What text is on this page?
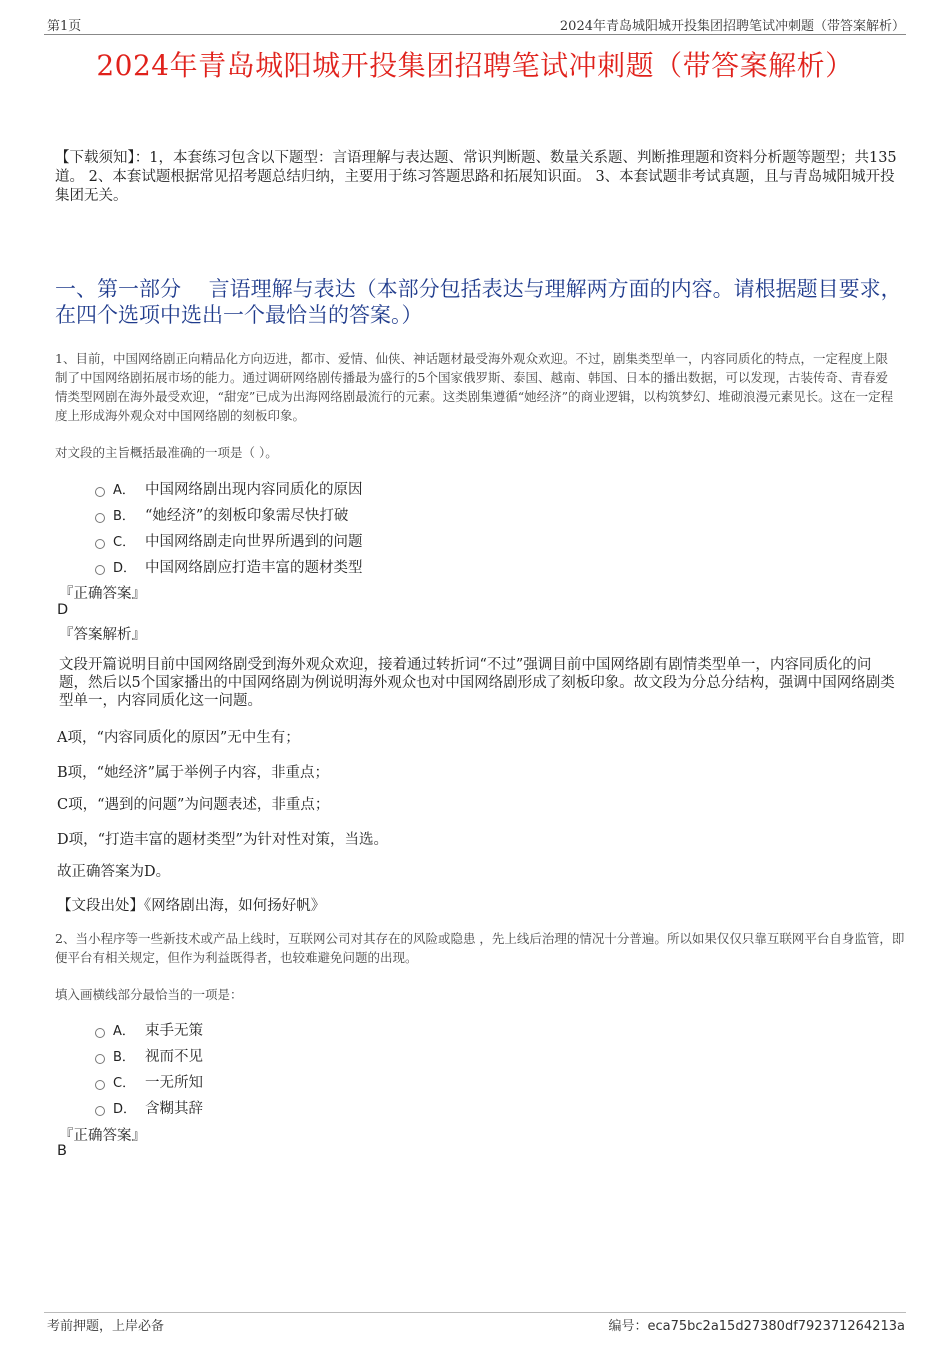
第1页	2024年青岛城阳城开投集团招聘笔试冲刺题（带答案解析）
2024年青岛城阳城开投集团招聘笔试冲刺题（带答案解析）
【下载须知】：1，本套练习包含以下题型：言语理解与表达题、常识判断题、数量关系题、判断推理题和资料分析题等题型；共135道。 2、本套试题根据常见招考题总结归纳，主要用于练习答题思路和拓展知识面。 3、本套试题非考试真题，且与青岛城阳城开投集团无关。
一、第一部分　 言语理解与表达（本部分包括表达与理解两方面的内容。请根据题目要求，在四个选项中选出一个最恰当的答案。）
1、目前，中国网络剧正向精品化方向迈进，都市、爱情、仙侠、神话题材最受海外观众欢迎。不过，剧集类型单一，内容同质化的特点，一定程度上限制了中国网络剧拓展市场的能力。通过调研网络剧传播最为盛行的5个国家俄罗斯、泰国、越南、韩国、日本的播出数据，可以发现，古装传奇、青春爱情类型网剧在海外最受欢迎，“甜宠”已成为出海网络剧最流行的元素。这类剧集遵循“她经济”的商业逻辑，以构筑梦幻、堆砌浪漫元素见长。这在一定程度上形成海外观众对中国网络剧的刻板印象。
对文段的主旨概括最准确的一项是（ ）。
A． 中国网络剧出现内容同质化的原因
B． “她经济”的刻板印象需尽快打破
C． 中国网络剧走向世界所遇到的问题
D． 中国网络剧应打造丰富的题材类型
『正确答案』
D
『答案解析』
文段开篇说明目前中国网络剧受到海外观众欢迎，接着通过转折词“不过”强调目前中国网络剧有剧情类型单一，内容同质化的问题，然后以5个国家播出的中国网络剧为例说明海外观众也对中国网络剧形成了刻板印象。故文段为分总分结构，强调中国网络剧类型单一，内容同质化这一问题。
A项，“内容同质化的原因”无中生有；
B项，“她经济”属于举例子内容，非重点；
C项，“遇到的问题”为问题表述，非重点；
D项，“打造丰富的题材类型”为针对性对策，当选。
故正确答案为D。
【文段出处】《网络剧出海，如何扬好帆》
2、当小程序等一些新技术或产品上线时，互联网公司对其存在的风险或隐患 ，先上线后治理的情况十分普遍。所以如果仅仅只靠互联网平台自身监管，即便平台有相关规定，但作为利益既得者，也较难避免问题的出现。
填入画横线部分最恰当的一项是：
A． 束手无策
B． 视而不见
C． 一无所知
D． 含糊其辞
『正确答案』
B
考前押题，上岸必备	编号：eca75bc2a15d27380df792371264213a
